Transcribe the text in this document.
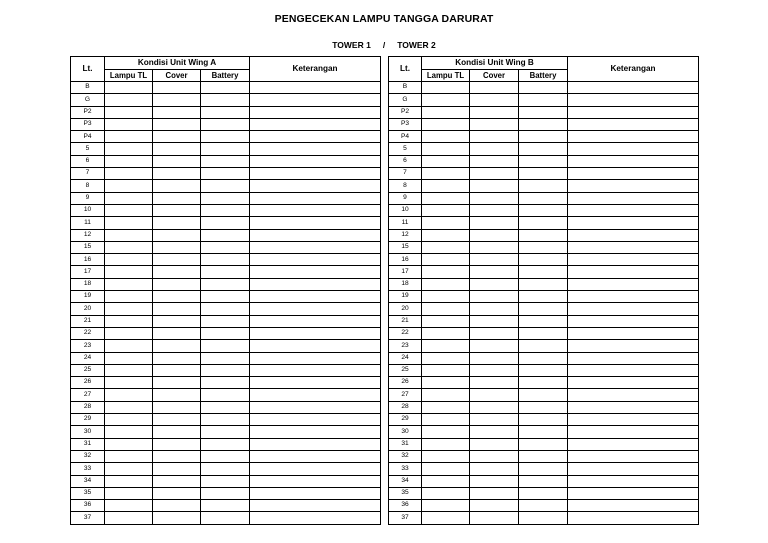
PENGECEKAN LAMPU TANGGA DARURAT
TOWER 1 / TOWER 2
Lt.	Kondisi Unit Wing A			Keterangan
	Lampu TL	Cover	Battery	
B				
G				
P2				
P3				
P4				
5				
6				
7				
8				
9				
10				
11				
12				
15				
16				
17				
18				
19				
20				
21				
22				
23				
24				
25				
26				
27				
28				
29				
30				
31				
32				
33				
34				
35				
36				
37				
Lt.	Kondisi Unit Wing B			Keterangan
	Lampu TL	Cover	Battery	
B				
G				
P2				
P3				
P4				
5				
6				
7				
8				
9				
10				
11				
12				
15				
16				
17				
18				
19				
20				
21				
22				
23				
24				
25				
26				
27				
28				
29				
30				
31				
32				
33				
34				
35				
36				
37				
